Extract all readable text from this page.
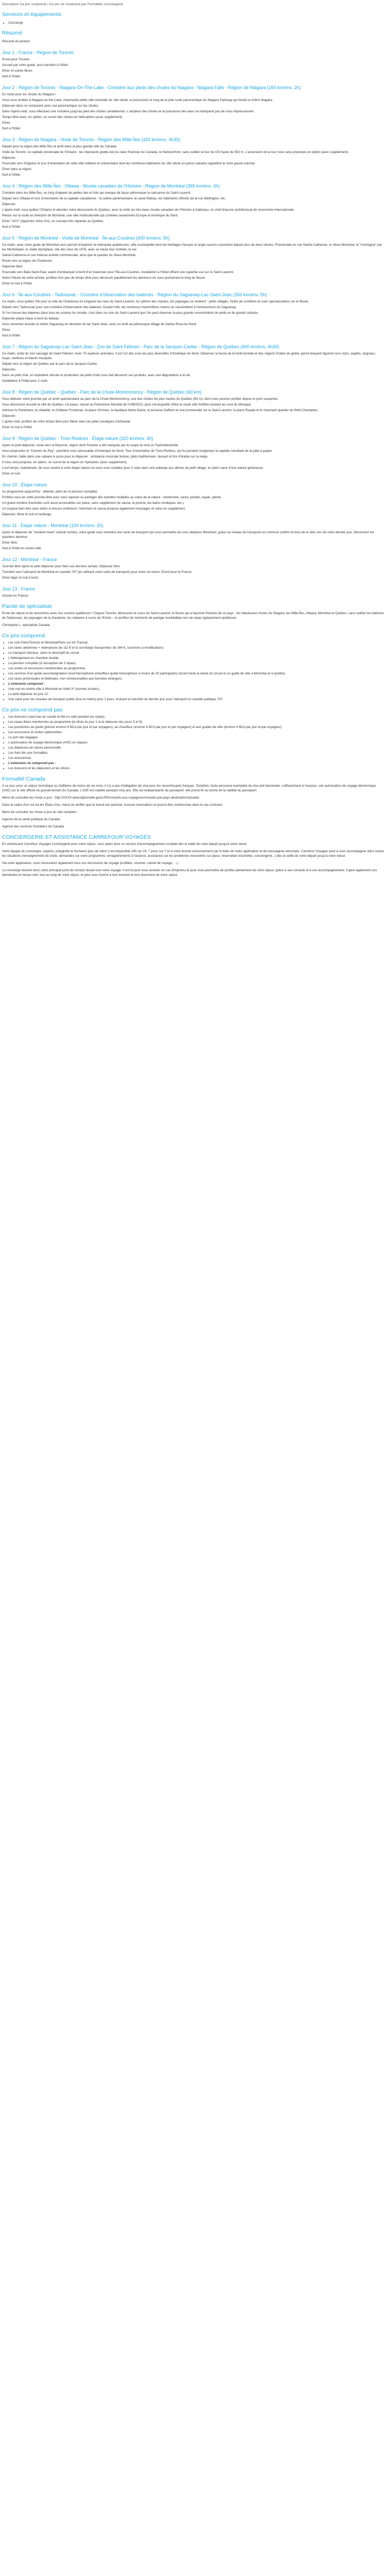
Description Ca prix comprend / Ca prix ne comprend pas Formalités Conciergerie
Services et équipements
• Concierge
Résumé

Résumé du produit

Jour 1 : France - Région de Toronto

Envol pour Toronto.

Accueil par votre guide, puis transfert à l'hôtel.

Dîner et soirée libres.

Nuit à l'hôtel.

Jour 2 : Région de Toronto - Niagara-On-The-Lake - Croisière aux pieds des chutes du Niagara - Niagara Falls - Région de Niagara (160 km/env. 2h)

En route pour les chutes du Niagara !

Vous vous arrêtez à Niagara-on-the-Lake, charmante petite ville coloniale du 18e siècle, et poursuivez le long de la jolie route panoramique du Niagara Parkway qui borde la rivière Niagara.

Déjeuner dans un restaurant avec vue panoramique sur les chutes.

Dans l'après-midi, vous effectuez une croisière jusqu'au pied des chutes canadiennes. L'ampleur des chutes et la puissance des eaux se manquent pas de vous impressionner.

Temps libre avec, en option, un survol des chutes en hélicoptère (avec supplément).

Dîner.

Nuit à l'hôtel.

Jour 3 : Région de Niagara - Visite de Toronto - Région des Mille-Îles (420 km/env. 4h30)

Départ pour la région des Mille-Îles et arrêt dans la plus grande ville du Canada.

Visite de Toronto, la capitale provinciale de l'Ontario : les imposants gratte-ciel du cœur financier du Canada, le Harbourfront, sans oublier la tour du CN haute de 553 m. L'ascension de la tour vous sera proposée en option (avec supplément).

Déjeuner.

Poursuite vers Kingston et tour d'orientation de cette ville militaire et universitaire dont les nombreux bâtiments du 19e siècle en pierre calcaire rappellent le riche passé colonial.

Dîner dans la région.

Nuit à l'hôtel.

Jour 4 : Région des Mille-Îles - Ottawa - Musée canadien de l'Histoire - Région de Montréal (365 km/env. 4h)

Croisière dans les Mille-Îles, un long chapelet de petites îles et îlots qui marque de façon pittoresque la naissance du Saint-Laurent.

Départ vers Ottawa et tour d'orientation de la capitale canadienne : la colline parlementaire, le canal Rideau, les bâtiments officiels de la rue Wellington, etc.

Déjeuner.

L'après-midi, vous quittez l'Ontario et abordez votre découverte du Québec, avec la visite du très beau musée canadien de l'Histoire à Gatineau, un chef-d'œuvre architectural de renommée internationale.

Retour sur la route en direction de Montréal, une ville multiculturelle qui combine savamment Europe et Amérique du Nord.

Dîner "AVV" (Apportez Votre Vin), un concept très répandu au Québec.

Nuit à l'hôtel.

Jour 5 : Région de Montréal - Visite de Montréal - Île-aux-Coudres (400 km/env. 5h)

Ce matin, avec votre guide de Montréal vous permet d'explorer la métropole québécoise, ville cosmopolite dont les héritages français et anglo-saxons coexistent depuis plus de deux siècles. Promenade en rue Sainte-Catherine, le Vieux-Montréal, le "montagne" par les Montréalais, le stade olympique, site des Jeux de 1976, avec sa haute tour inclinée, la rue

Sainte-Catherine et son intense activité commerciale, ainsi que le quartier du Vieux-Montréal.

Route vers la région de Charlevoix.

Déjeuner libre.

Poursuite vers Baie-Saint-Paul, avant d'embarquer à bord d'un traversier pour l'Île-aux-Coudres. Installation à l'hôtel offrant une superbe vue sur le Saint-Laurent.

Selon l'heure de votre arrivée, profitez d'un peu de temps libre pour découvrir paisiblement les alentours en vous promenant le long du fleuve.

Dîner et nuit à l'hôtel.

Jour 6 : Île-aux-Coudres - Tadoussac - Croisière d'observation des baleines - Région du Saguenay-Lac-Saint-Jean (350 km/env. 5h)

Ce matin, vous quittez l'île pour la côte de Charlevoix en longeant les rives du Saint-Laurent. Au rythme des marées, les paysages se révèlent : petits villages, forêts de conifères et vues spectaculaires sur le fleuve.

Départ vers Tadoussac pour une croisière d'observation des baleines. Durant l'été, de nombreux mammifères marins se rassemblent à l'embouchure du Saguenay.

Si l'on trouve des baleines dans tous les océans du monde, c'est dans ce coin du Saint-Laurent que l'on peut observer la plus grande concentration de petits et de grands cétacés.

Déjeuner pique-nique à bord du bateau.

Vous remontez ensuite la rivière Saguenay en direction du lac Saint-Jean, avec un arrêt au pittoresque village de Sainte-Rose-du-Nord.

Dîner.

Nuit à l'hôtel.

Jour 7 : Région du Saguenay-Lac-Saint-Jean - Zoo de Saint Félicien - Parc de la Jacques-Cartier - Région de Québec (400 km/env. 4h30)

Ce matin, visite du zoo sauvage de Saint-Félicien. Avec 75 espèces animales, il est l'un des zoos les plus diversifiés d'Amérique du Nord. Observez la faune de la forêt boréale et des régions froides du globe, parmi lesquels figurent ours noirs, wapitis, orignaux, loups, caribous et bœufs musqués.

Départ vers la région de Québec par le parc de la Jacques-Cartier.

Déjeuner.

Dans un petit chai, un exploitant viticole et producteur de petits fruits vous fait découvrir ses produits, avec une dégustation à la clé.

Installation à l'hôtel pour 2 nuits.

Jour 8 : Région de Québec - Québec - Parc de la Chute-Montmorency - Région de Québec (60 km)

Vous débutez votre journée par un arrêt spectaculaire au parc de la Chute-Montmorency, une des chutes les plus hautes du Québec (83 m), dont vous pourrez profiter depuis le pont suspendu.

Vous découvrez ensuite la ville de Québec. Ce joyau, classé au Patrimoine Mondial de l'UNESCO, peut s'enorgueillir d'être la seule ville fortifiée existant au nord du Mexique.

Admirez le Parlement, la citadelle, le Château Frontenac, la place d'Armes, la basilique Notre-Dame, la terrasse Dufferin et une promenade sur le Saint-Laurent, la place Royale et le charmant quartier du Petit-Champlain.

Déjeuner.

L'après-midi, profitez de votre temps libre pour flâner dans les jolies boutiques d'artisanat.

Dîner et nuit à l'hôtel.

Jour 9 : Région de Québec - Trois-Rivières - Étape nature (320 km/env. 4h)

Après le petit-déjeuner, route vers la Mauricie, région dont l'histoire a été marquée par le coupe du bois et l'hydroélectricité.

Vous empruntez le "Chemin du Roy", première voie carrossable d'Amérique du Nord. Tour d'orientation de Trois-Rivières, qui fut pendant longtemps la capitale mondiale de la pâte à papier.

En chemin, halte dans une cabane à sucre pour le déjeuner : ambiance musicale festive, plats traditionnels, dessert et tire d'érable sur la neige.

Il vous sera proposé, en option, un survol de la région en hydravion (avec supplément).

Il est temps, maintenant, de vous rendre à votre étape nature où vous vous installez pour 2 nuits dans une auberge aux allures de petit village, en plein cœur d'une nature généreuse.

Dîner et nuit.

Jour 10 : Étape nature

Au programme aujourd'hui : détente, plein-air et pension complète.

Profitez-vous en cette journée libre pour vous reposer ou partager des activités multiples au cœur de la nature : randonnée, canot, pédalo, kayak, pêche.

Un grand nombre d'activités sont aussi accessibles sur place, sans supplément (le sauna, la piscine, les bains nordiques, etc.).

Un espace bien-être avec bains à remous extérieurs, hammam et sauna propose également massages et soins en supplément.

Déjeuner, dîner et nuit à l'auberge.

Jour 11 : Étape nature - Montréal (100 km/env. 2h)

Après le déjeuner de "smoked meat" (viande fumée), votre guide vous remettra une carte de transport qui vous permettra de vous déplacer librement, grâce au réseau de transports en commun (métro et bus) de la ville, lors de votre dernier jour. Découvrez les quartiers alentour.

Dîner libre.

Nuit à l'hôtel en centre-ville.

Jour 12 : Montréal - France

Journée libre après le petit déjeuner pour faire vos derniers achats. Déjeuner libre.

Transfert vers l'aéroport de Montréal en navette 747 (en utilisant votre carte de transport) pour votre vol retour. Envol pour la France.

Dîner léger et nuit à bord.

Jour 13 : France

Arrivée en France.

Parole de spécialiste

Envie de nature et de rencontres avec nos cousins québécois ? Depuis Toronto, découvrez le cours du Saint-Laurent, le fleuve qui a façonné l'histoire de ce pays : les fabuleuses chutes du Niagara, les Mille-Îles, Ottawa, Montréal et Québec, sans oublier les baleines de Tadoussac, les paysages de la Gaspésie, les cabanes à sucre de l'Estrie... et profitez de moments de partage inoubliables lors de repas typiquement québécois.

Christophe L. spécialiste Canada

Ce prix comprend
• Les vols Paris/Toronto et Montréal/Paris sur Air Transat.
• Les taxes aériennes + redevances de 111 € et la surcharge transporteur de 264 €, soumises à modifications.
• Le transport intérieur, selon le descriptif du circuit.
• L'hébergement en chambre double.
• La pension complète (à l'exception de 3 repas).
• Les visites et excursions mentionnées au programme.
• Les services d'un guide accompagnateur local francophone (chauffeur-guide francophone si moins de 20 participants) durant toute la durée du circuit et un guide de ville à Montréal et à Québec.
• Les taxes provinciales et fédérales, non remboursables aux touristes étrangers.
• L'extension comprend :
• Une nuit en centre-ville à Montréal en hôtel 3* (normes locales).
• Le petit-déjeuner du jour 12.
• Une carte pour les réseaux de transport public (bus et métro) pour 2 jours, incluant le transfert du dernier jour pour l'aéroport en navette publique 747.
Ce prix ne comprend pas
• Les boissons (sauf eau en carafe et thé ou café pendant les repas).
• Les repas libres mentionnés au programme (le dîner du jour 1 et le déjeuner des jours 5 et 9).
• Les pourboires au guide (prévoir environ 6 $CA par jour et par voyageur), au chauffeur (environ 6 $CA par jour et par voyageur) et aux guides de ville (environ 4 $CA par jour et par voyageur).
• Les excursions et visites optionnelles.
• Le port des bagages.
• L'autorisation de voyage électronique (AVE) en vigueur.
• Les dépenses de nature personnelle.
• Les frais liés aux formalités.
• Les assurances.
• L'extension ne comprend pas :
• Les boissons et les déjeuners et les dîners.
Formalité Canada

À ce jour, pour un séjour touristique ou d'affaires de moins de six mois, il n'y a pas d'obligation de visa pour les ressortissants français. Toutefois, toute personne exemptée de visa doit demander, suffisamment à l'avance, une autorisation de voyage électronique (AVE) sur le site officiel du gouvernement du Canada. L'AVE est valable pendant cinq ans. Elle est indépendante du passeport, elle prend fin au terme de la validité du passeport.

Merci de consulter les mises à jour : http://XXXX.www.diplomatie.gouv.fr/fr/conseils-aux-voyageurs/conseils-par-pays-destination/canada/

Dans le cadre d'un vol via les États-Unis, merci de vérifier que le transit est autorisé. Aucune réservation ne pourra être remboursée dans le cas contraire.

Merci de consulter les mises à jour du site canadien :

Agence de la santé publique du Canada

Agence des services frontaliers du Canada

CONCIERGERIE ET ASSISTANCE CARREFOUR VOYAGES

En choisissant Carrefour Voyages Conciergerie pour votre séjour, vous optez pour un service d'accompagnement complet dès la veille de votre départ jusqu'à votre retour.

Votre équipe de concierges, experts, polyglotte et humaine (pas de robot !) est disponible 24h sur 24, 7 jours sur 7 et à votre écoute exclusivement par le biais de notre application et de messagerie sécurisée. Carrefour Voyages peut à vous accompagner dans toutes les situations (renseignement de visite, demandes sur votre programme, enregistrements à l'avance, assistance sur les problèmes rencontrés sur place, réservation d'activités, conciergerie...) dès la veille de votre départ jusqu'à votre retour.

Via votre application, vous retrouverez également tous vos documents de voyage (e-billets, voucher, carnet de voyage, ...).

Le concierge devient donc votre principal point de contact durant tout votre voyage. Il est là pour vous assister en cas d'imprévu et pour vous permettre de profiter pleinement de votre séjour, grâce à ses conseils et à son accompagnement. Il gère également vos demandes en temps réel, tout au long de votre séjour, et peut vous fournir à tout moment le bon document de votre séjour.
